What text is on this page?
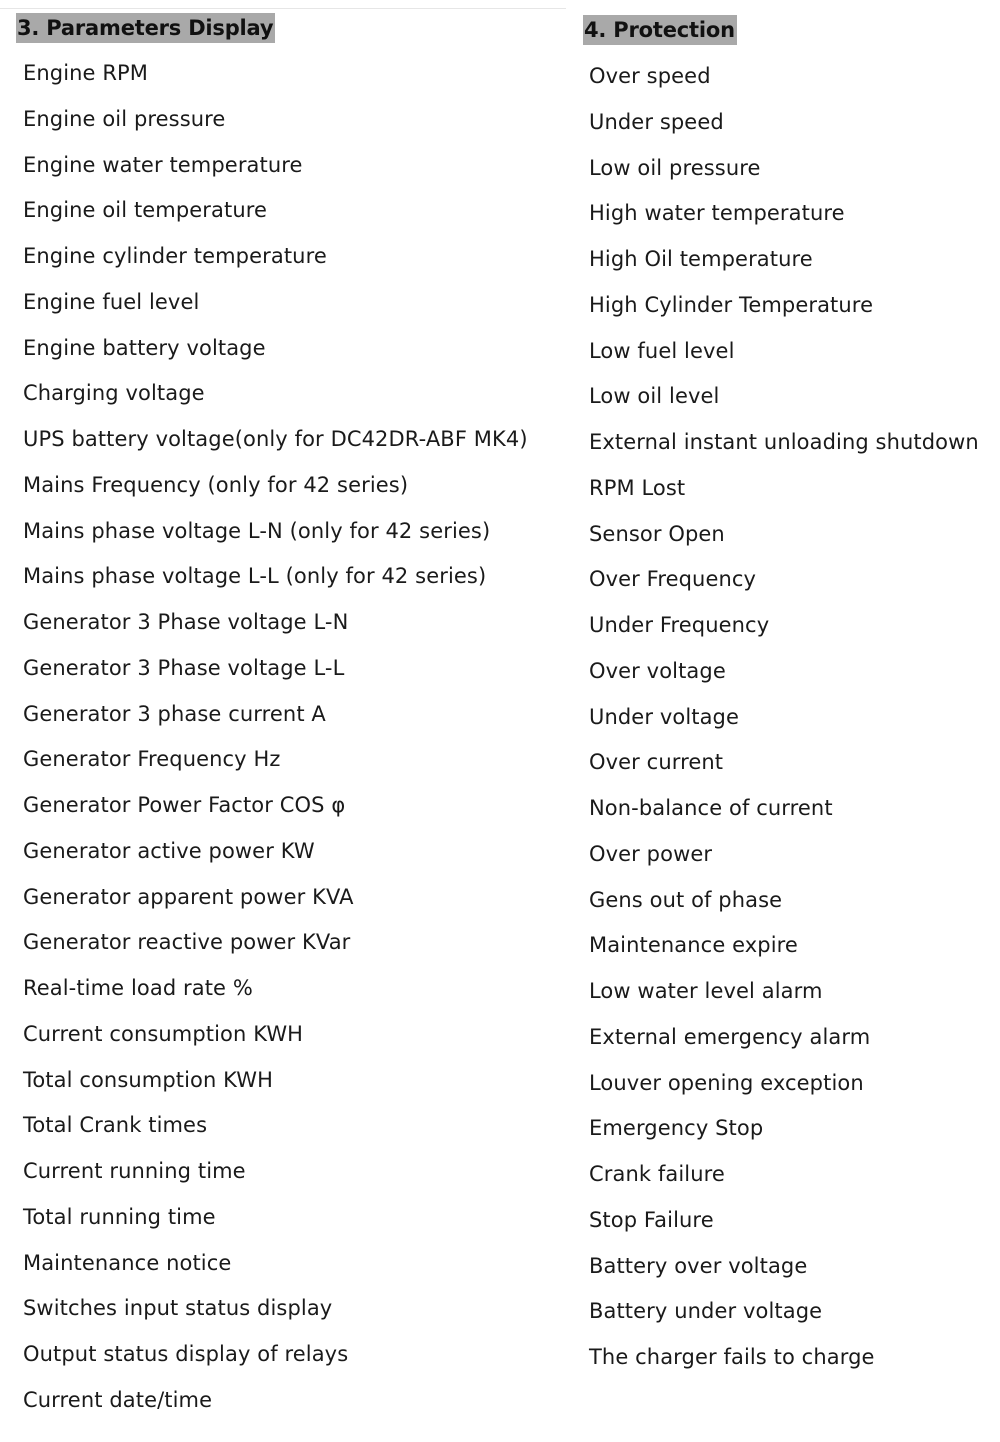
3. Parameters Display
Engine RPM
Engine oil pressure
Engine water temperature
Engine oil temperature
Engine cylinder temperature
Engine fuel level
Engine battery voltage
Charging voltage
UPS battery voltage(only for DC42DR-ABF MK4)
Mains Frequency (only for 42 series)
Mains phase voltage L-N (only for 42 series)
Mains phase voltage L-L (only for 42 series)
Generator 3 Phase voltage L-N
Generator 3 Phase voltage L-L
Generator 3 phase current A
Generator Frequency Hz
Generator Power Factor COS φ
Generator active power KW
Generator apparent power KVA
Generator reactive power KVar
Real-time load rate %
Current consumption KWH
Total consumption KWH
Total Crank times
Current running time
Total running time
Maintenance notice
Switches input status display
Output status display of relays
Current date/time
4. Protection
Over speed
Under speed
Low oil pressure
High water temperature
High Oil temperature
High Cylinder Temperature
Low fuel level
Low oil level
External instant unloading shutdown
RPM Lost
Sensor Open
Over Frequency
Under Frequency
Over voltage
Under voltage
Over current
Non-balance of current
Over power
Gens out of phase
Maintenance expire
Low water level alarm
External emergency alarm
Louver opening exception
Emergency Stop
Crank failure
Stop Failure
Battery over voltage
Battery under voltage
The charger fails to charge
